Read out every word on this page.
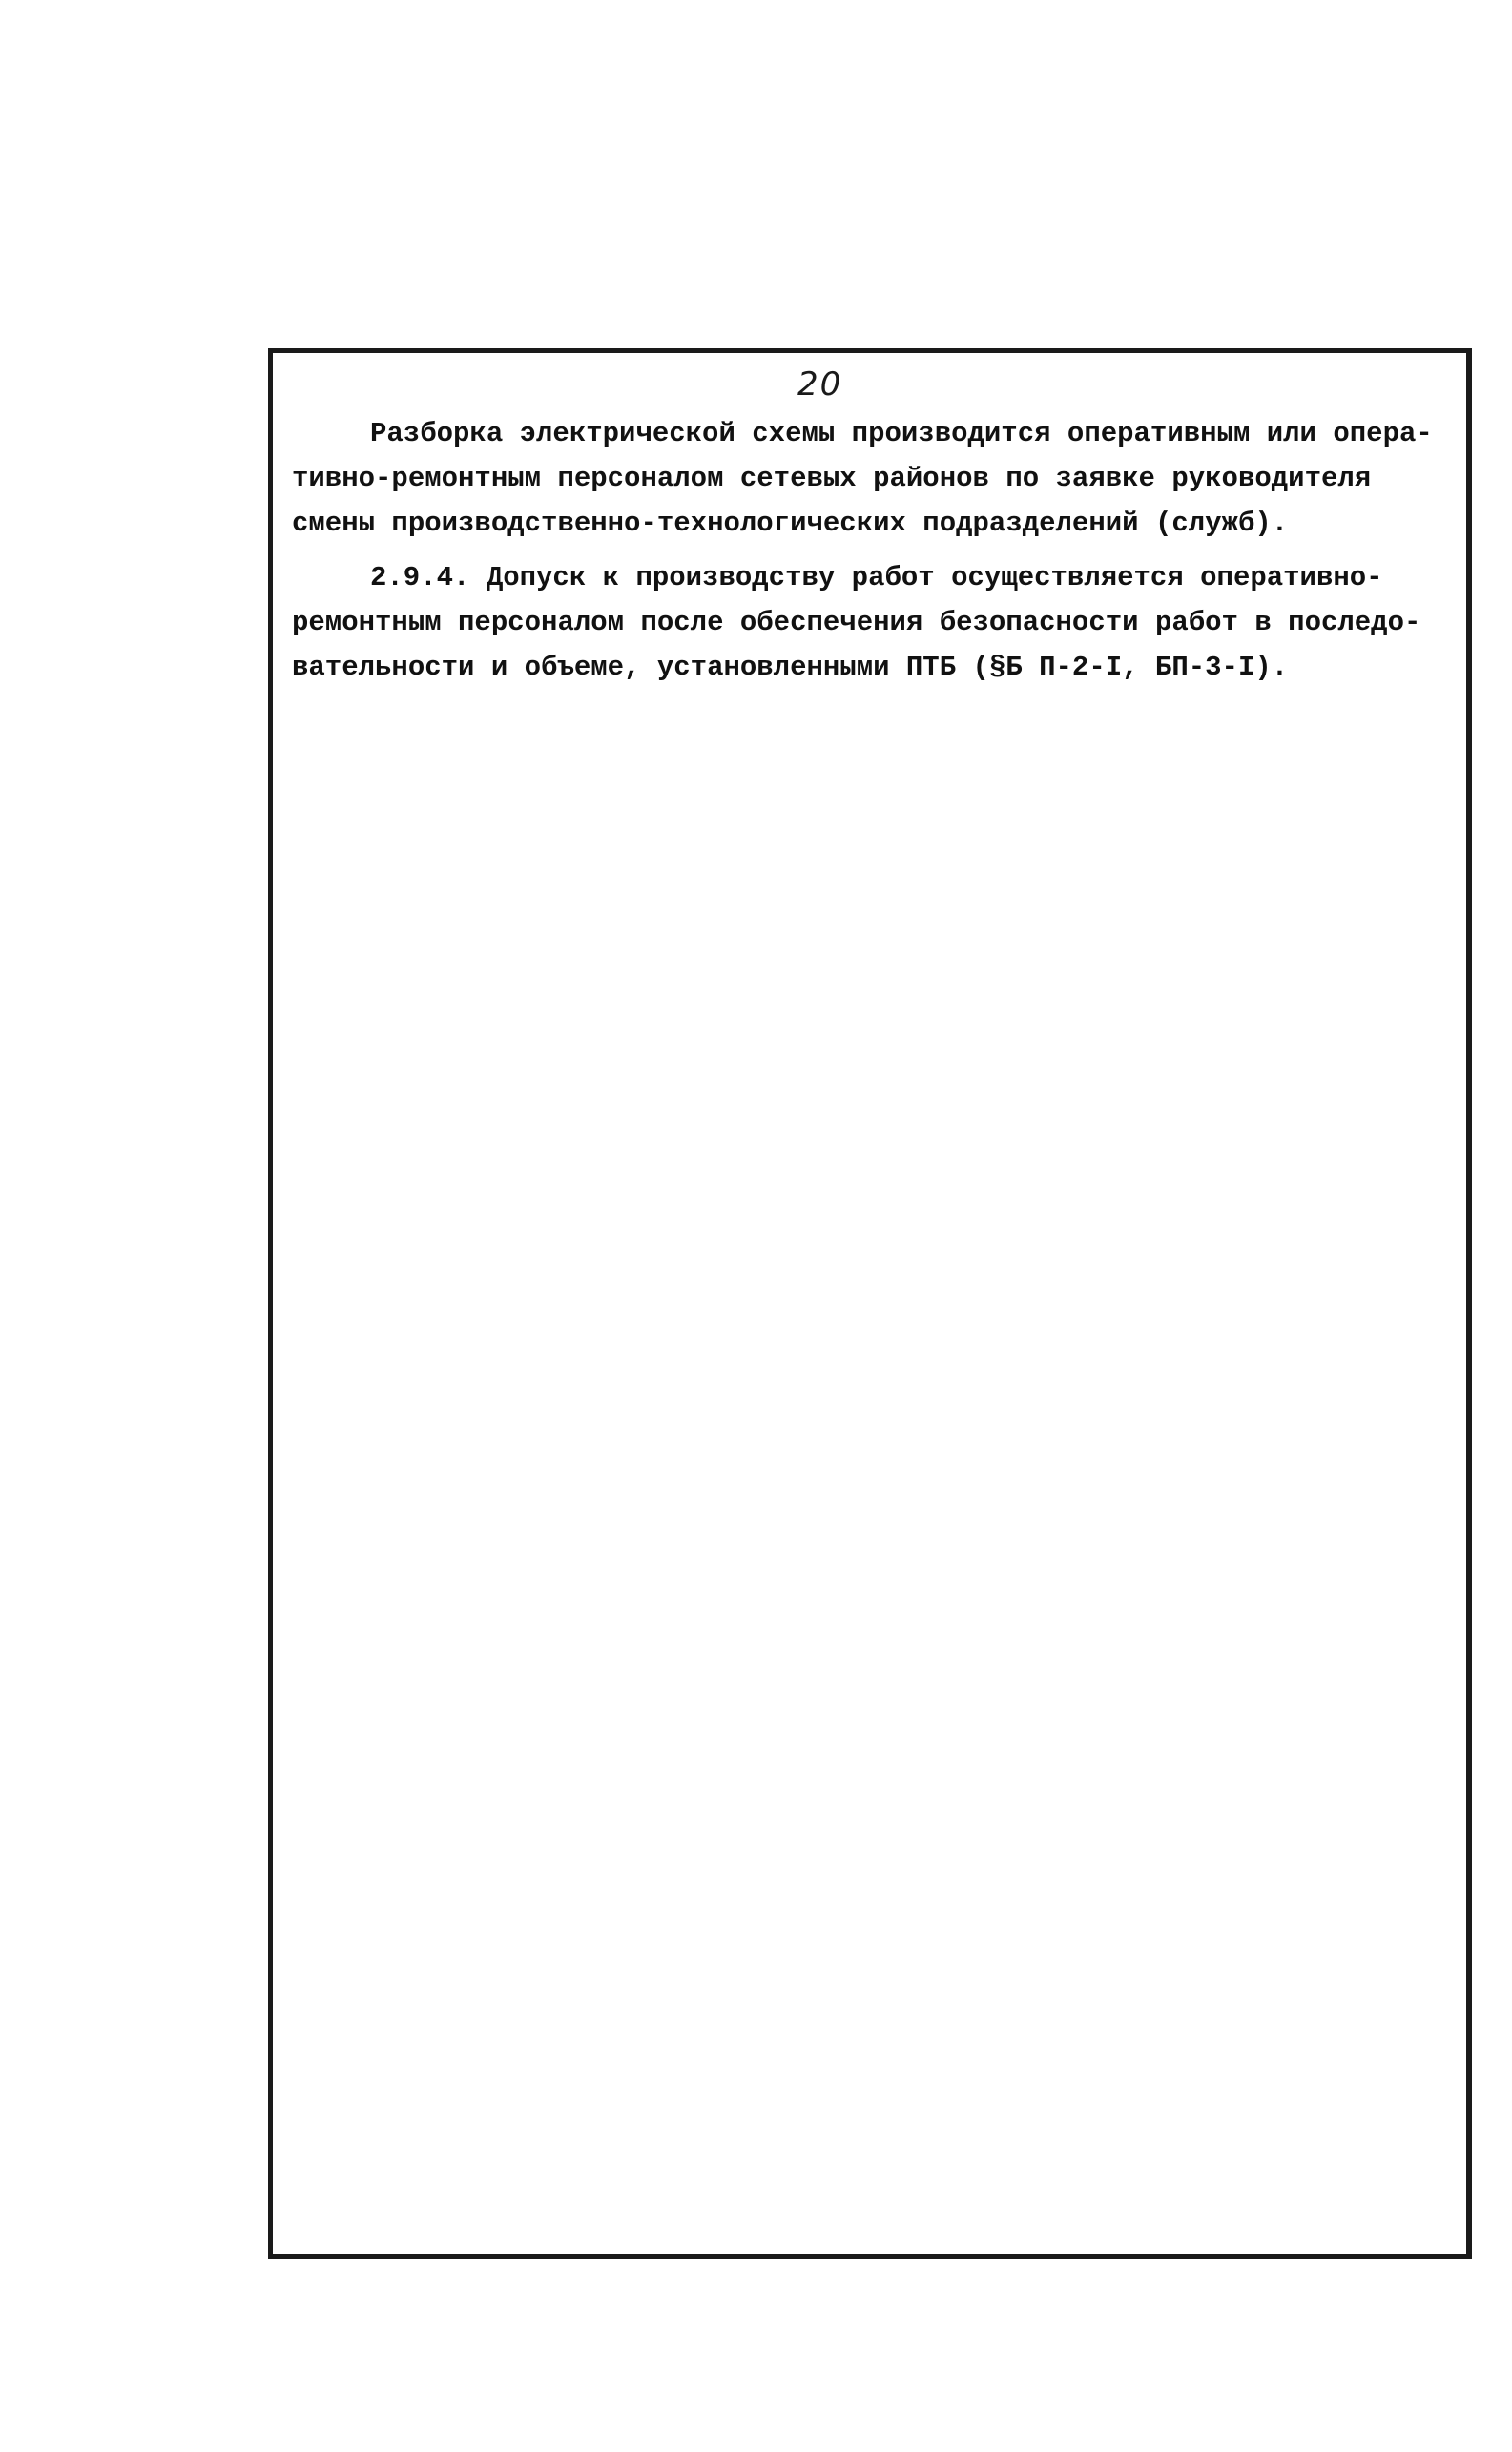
20
Разборка электрической схемы производится оперативным или опера-
тивно-ремонтным персоналом сетевых районов по заявке руководителя
смены производственно-технологических подразделений (служб).
2.9.4. Допуск к производству работ осуществляется оперативно-
ремонтным персоналом после обеспечения безопасности работ в последо-
вательности и объеме, установленными ПТБ (§Б П-2-I, БП-3-I).
